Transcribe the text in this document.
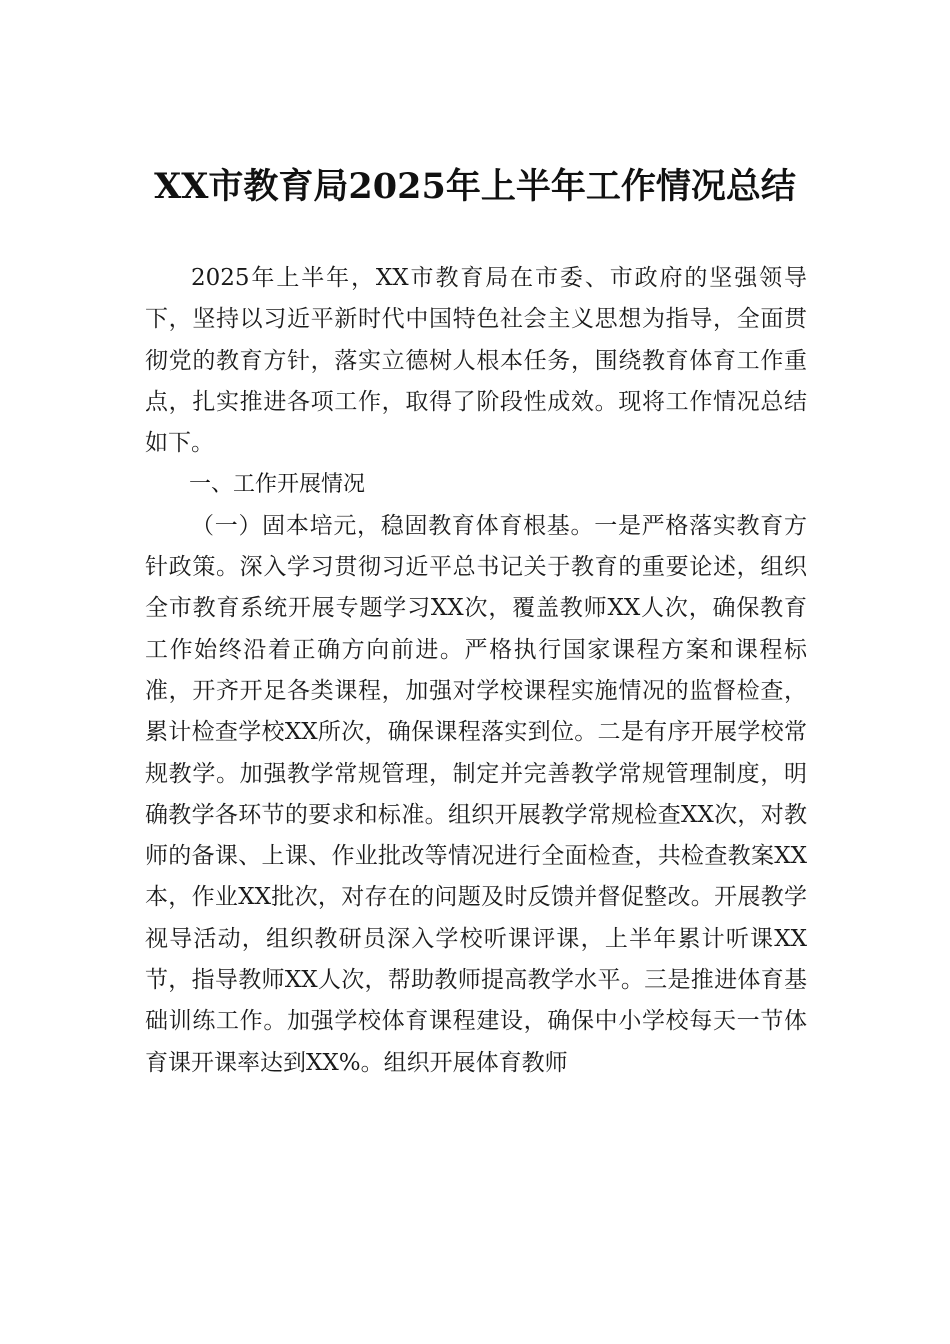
XX市教育局2025年上半年工作情况总结

2025年上半年，XX市教育局在市委、市政府的坚强领导下，坚持以习近平新时代中国特色社会主义思想为指导，全面贯彻党的教育方针，落实立德树人根本任务，围绕教育体育工作重点，扎实推进各项工作，取得了阶段性成效。现将工作情况总结如下。

一、工作开展情况

（一）固本培元，稳固教育体育根基。一是严格落实教育方针政策。深入学习贯彻习近平总书记关于教育的重要论述，组织全市教育系统开展专题学习XX次，覆盖教师XX人次，确保教育工作始终沿着正确方向前进。严格执行国家课程方案和课程标准，开齐开足各类课程，加强对学校课程实施情况的监督检查，累计检查学校XX所次，确保课程落实到位。二是有序开展学校常规教学。加强教学常规管理，制定并完善教学常规管理制度，明确教学各环节的要求和标准。组织开展教学常规检查XX次，对教师的备课、上课、作业批改等情况进行全面检查，共检查教案XX本，作业XX批次，对存在的问题及时反馈并督促整改。开展教学视导活动，组织教研员深入学校听课评课，上半年累计听课XX节，指导教师XX人次，帮助教师提高教学水平。三是推进体育基础训练工作。加强学校体育课程建设，确保中小学校每天一节体育课开课率达到XX%。组织开展体育教师
